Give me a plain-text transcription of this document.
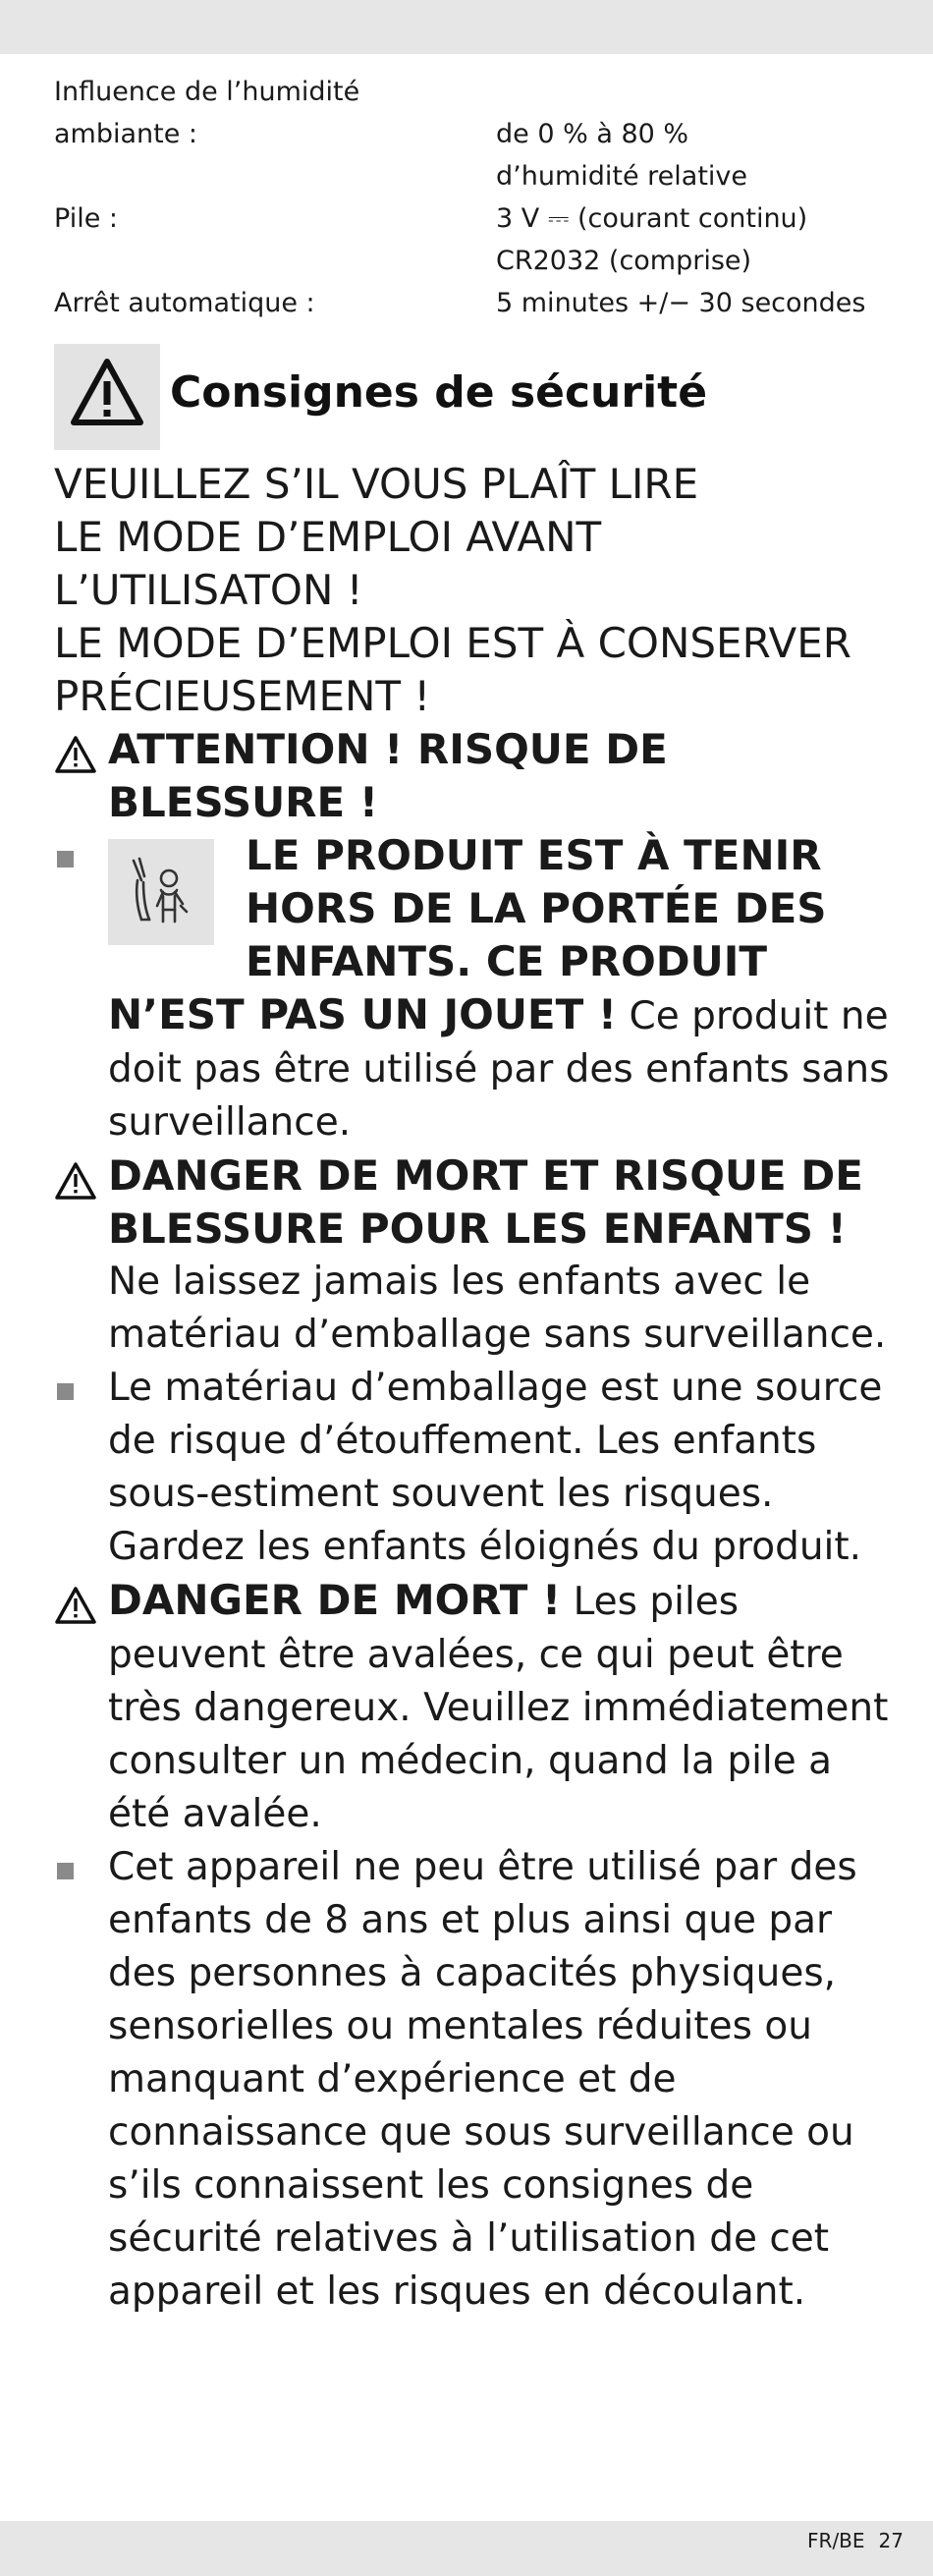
Influence de l’humidité
ambiante :	de 0 % à 80 %
d’humidité relative
Pile :	3 V ⎓ (courant continu)
CR2032 (comprise)
Arrêt automatique :	5 minutes +/− 30 secondes
Consignes de sécurité
VEUILLEZ S’IL VOUS PLAÎT LIRE
LE MODE D’EMPLOI AVANT
L’UTILISATON !
LE MODE D’EMPLOI EST À CONSERVER
PRÉCIEUSEMENT !
ATTENTION ! RISQUE DE BLESSURE !

LE PRODUIT EST À TENIR HORS DE LA PORTÉE DES ENFANTS. CE PRODUIT N’EST PAS UN JOUET ! Ce produit ne doit pas être utilisé par des enfants sans surveillance.

DANGER DE MORT ET RISQUE DE BLESSURE POUR LES ENFANTS !
Ne laissez jamais les enfants avec le matériau d’emballage sans surveillance.
Le matériau d’emballage est une source de risque d’étouffement. Les enfants sous-estiment souvent les risques. Gardez les enfants éloignés du produit.

DANGER DE MORT ! Les piles peuvent être avalées, ce qui peut être très dangereux. Veuillez immédiatement consulter un médecin, quand la pile a été avalée.

Cet appareil ne peu être utilisé par des enfants de 8 ans et plus ainsi que par des personnes à capacités physiques, sensorielles ou mentales réduites ou manquant d’expérience et de connaissance que sous surveillance ou s’ils connaissent les consignes de sécurité relatives à l’utilisation de cet appareil et les risques en découlant.
FR/BE 27
